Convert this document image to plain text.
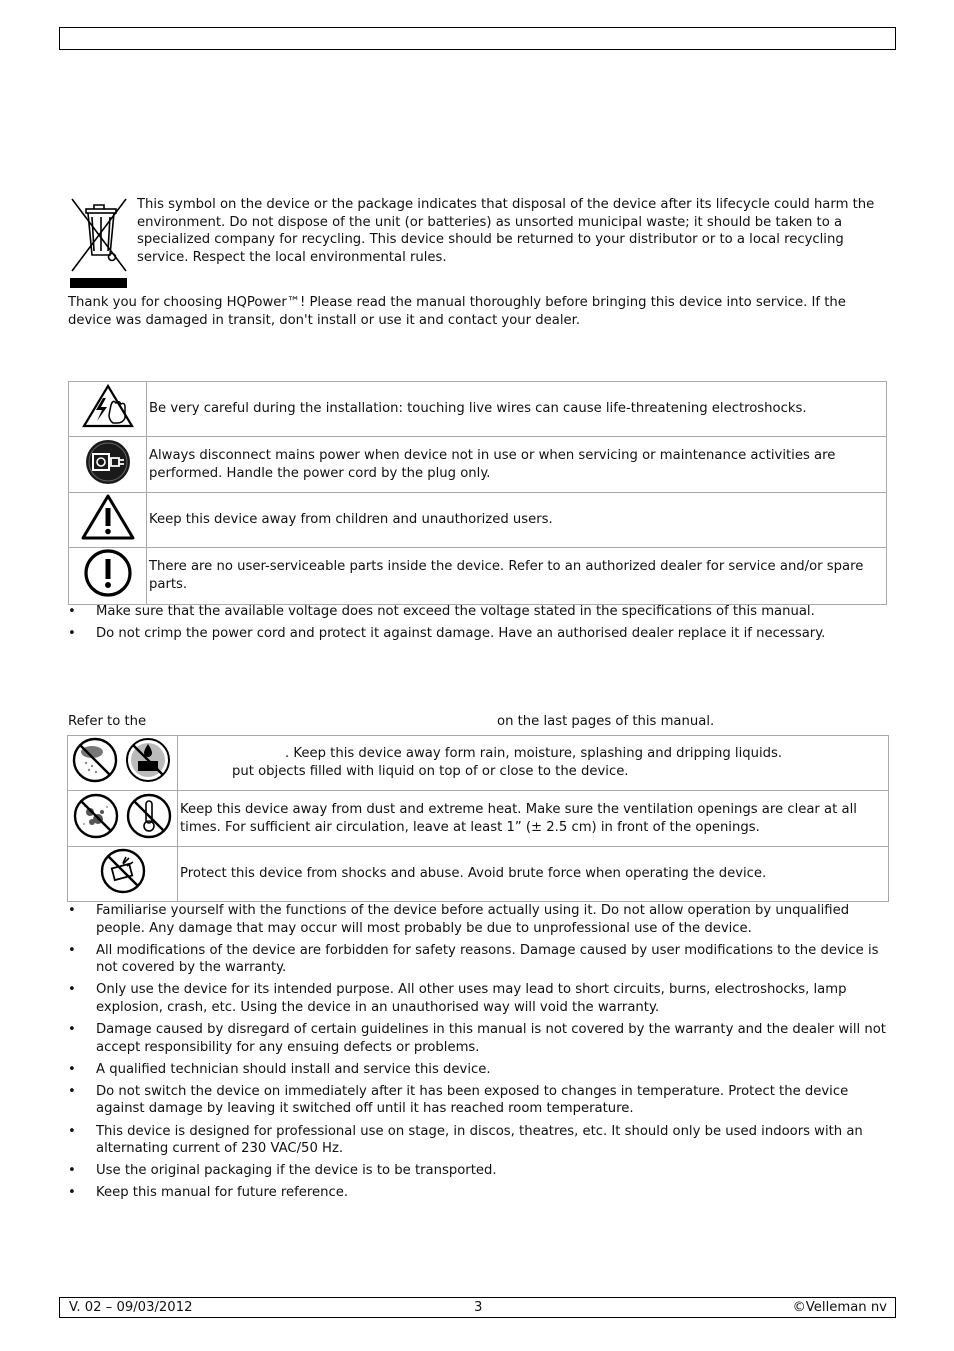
This symbol on the device or the package indicates that disposal of the device after its lifecycle could harm the environment. Do not dispose of the unit (or batteries) as unsorted municipal waste; it should be taken to a specialized company for recycling. This device should be returned to your distributor or to a local recycling service. Respect the local environmental rules.
Thank you for choosing HQPower™! Please read the manual thoroughly before bringing this device into service. If the device was damaged in transit, don't install or use it and contact your dealer.
	Be very careful during the installation: touching live wires can cause life-threatening electroshocks.
	Always disconnect mains power when device not in use or when servicing or maintenance activities are performed. Handle the power cord by the plug only.
	Keep this device away from children and unauthorized users.
	There are no user-serviceable parts inside the device. Refer to an authorized dealer for service and/or spare parts.
• Make sure that the available voltage does not exceed the voltage stated in the specifications of this manual.
• Do not crimp the power cord and protect it against damage. Have an authorised dealer replace it if necessary.
Refer to the	on the last pages of this manual.

. Keep this device away form rain, moisture, splashing and dripping liquids.
put objects filled with liquid on top of or close to the device.

	Keep this device away from dust and extreme heat. Make sure the ventilation openings are clear at all times. For sufficient air circulation, leave at least 1” (± 2.5 cm) in front of the openings.
	Protect this device from shocks and abuse. Avoid brute force when operating the device.
• Familiarise yourself with the functions of the device before actually using it. Do not allow operation by unqualified people. Any damage that may occur will most probably be due to unprofessional use of the device.
• All modifications of the device are forbidden for safety reasons. Damage caused by user modifications to the device is not covered by the warranty.
• Only use the device for its intended purpose. All other uses may lead to short circuits, burns, electroshocks, lamp explosion, crash, etc. Using the device in an unauthorised way will void the warranty.
• Damage caused by disregard of certain guidelines in this manual is not covered by the warranty and the dealer will not accept responsibility for any ensuing defects or problems.
• A qualified technician should install and service this device.
• Do not switch the device on immediately after it has been exposed to changes in temperature. Protect the device against damage by leaving it switched off until it has reached room temperature.
• This device is designed for professional use on stage, in discos, theatres, etc. It should only be used indoors with an alternating current of 230 VAC/50 Hz.
• Use the original packaging if the device is to be transported.
• Keep this manual for future reference.
V. 02 – 09/03/2012	3	©Velleman nv
